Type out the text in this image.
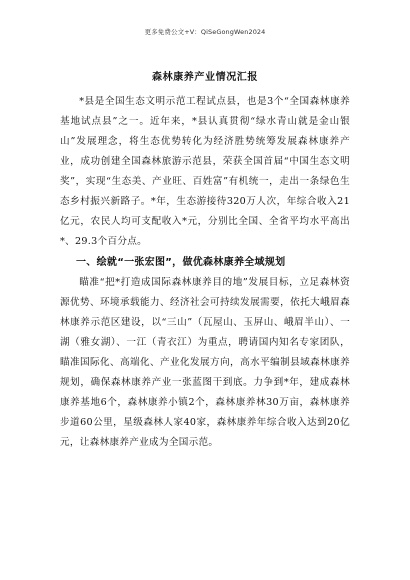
更多免费公文+V：QiSeGongWen2024
森林康养产业情况汇报

*县是全国生态文明示范工程试点县，也是3个“全国森林康养基地试点县”之一。近年来，*县认真贯彻“绿水青山就是金山银山”发展理念，将生态优势转化为经济胜势统筹发展森林康养产业，成功创建全国森林旅游示范县，荣获全国首届“中国生态文明奖”，实现“生态美、产业旺、百姓富”有机统一，走出一条绿色生态乡村振兴新路子。*年，生态游接待320万人次，年综合收入21亿元，农民人均可支配收入*元，分别比全国、全省平均水平高出*、29.3个百分点。

一、绘就“一张宏图”，做优森林康养全域规划

瞄准“把*打造成国际森林康养目的地”发展目标，立足森林资源优势、环境承载能力、经济社会可持续发展需要，依托大峨眉森林康养示范区建设，以“三山”（瓦屋山、玉屏山、峨眉半山）、一湖（雅女湖）、一江（青衣江）为重点，聘请国内知名专家团队，瞄准国际化、高端化、产业化发展方向，高水平编制县域森林康养规划，确保森林康养产业一张蓝图干到底。力争到*年，建成森林康养基地6个，森林康养小镇2个，森林康养林30万亩，森林康养步道60公里，星级森林人家40家，森林康养年综合收入达到20亿元，让森林康养产业成为全国示范。
